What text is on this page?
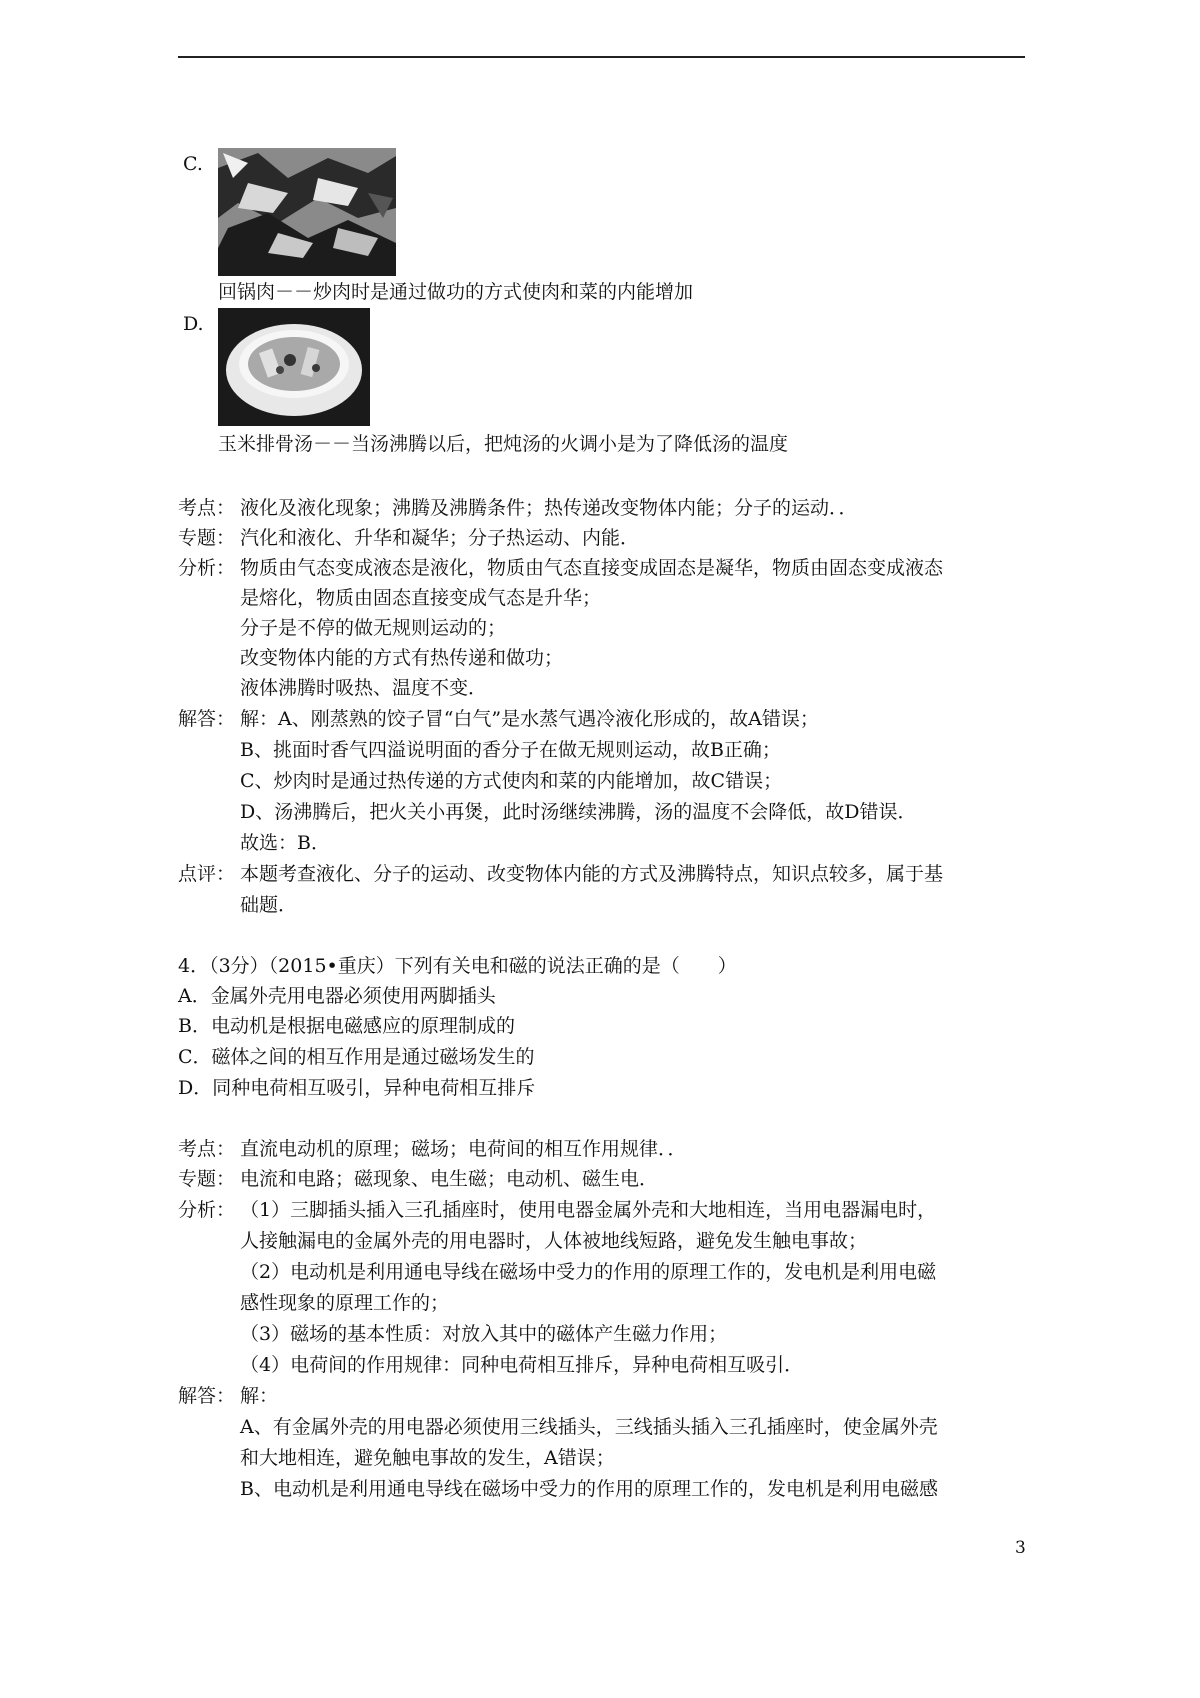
C.
回锅肉－－炒肉时是通过做功的方式使肉和菜的内能增加
D.
玉米排骨汤－－当汤沸腾以后，把炖汤的火调小是为了降低汤的温度
考点： 液化及液化现象；沸腾及沸腾条件；热传递改变物体内能；分子的运动．．
专题： 汽化和液化、升华和凝华；分子热运动、内能．
分析： 物质由气态变成液态是液化，物质由气态直接变成固态是凝华，物质由固态变成液态
是熔化，物质由固态直接变成气态是升华；
分子是不停的做无规则运动的；
改变物体内能的方式有热传递和做功；
液体沸腾时吸热、温度不变．
解答： 解：A、刚蒸熟的饺子冒“白气”是水蒸气遇冷液化形成的，故A错误；
B、挑面时香气四溢说明面的香分子在做无规则运动，故B正确；
C、炒肉时是通过热传递的方式使肉和菜的内能增加，故C错误；
D、汤沸腾后，把火关小再煲，此时汤继续沸腾，汤的温度不会降低，故D错误．
故选：B．
点评： 本题考查液化、分子的运动、改变物体内能的方式及沸腾特点，知识点较多，属于基
础题．
4．（3分）（2015•重庆）下列有关电和磁的说法正确的是（　　）
A．金属外壳用电器必须使用两脚插头
B．电动机是根据电磁感应的原理制成的
C．磁体之间的相互作用是通过磁场发生的
D．同种电荷相互吸引，异种电荷相互排斥
考点： 直流电动机的原理；磁场；电荷间的相互作用规律．．
专题： 电流和电路；磁现象、电生磁；电动机、磁生电．
分析： （1）三脚插头插入三孔插座时，使用电器金属外壳和大地相连，当用电器漏电时，
人接触漏电的金属外壳的用电器时，人体被地线短路，避免发生触电事故；
（2）电动机是利用通电导线在磁场中受力的作用的原理工作的，发电机是利用电磁
感性现象的原理工作的；
（3）磁场的基本性质：对放入其中的磁体产生磁力作用；
（4）电荷间的作用规律：同种电荷相互排斥，异种电荷相互吸引．
解答： 解：
A、有金属外壳的用电器必须使用三线插头，三线插头插入三孔插座时，使金属外壳
和大地相连，避免触电事故的发生，A错误；
B、电动机是利用通电导线在磁场中受力的作用的原理工作的，发电机是利用电磁感
3
